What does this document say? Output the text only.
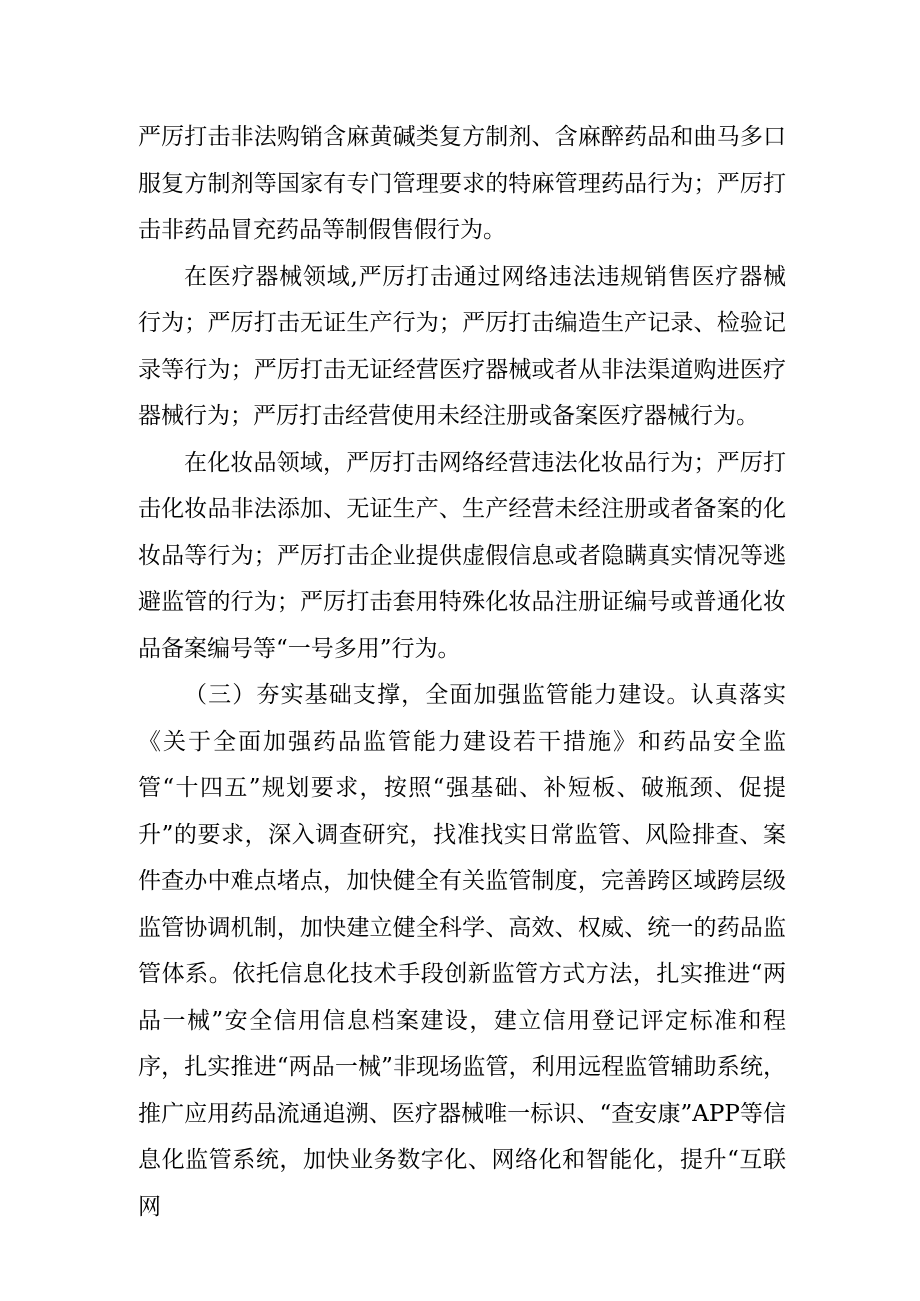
严厉打击非法购销含麻黄碱类复方制剂、含麻醉药品和曲马多口服复方制剂等国家有专门管理要求的特麻管理药品行为；严厉打击非药品冒充药品等制假售假行为。

在医疗器械领域,严厉打击通过网络违法违规销售医疗器械行为；严厉打击无证生产行为；严厉打击编造生产记录、检验记录等行为；严厉打击无证经营医疗器械或者从非法渠道购进医疗器械行为；严厉打击经营使用未经注册或备案医疗器械行为。

在化妆品领域，严厉打击网络经营违法化妆品行为；严厉打击化妆品非法添加、无证生产、生产经营未经注册或者备案的化妆品等行为；严厉打击企业提供虚假信息或者隐瞒真实情况等逃避监管的行为；严厉打击套用特殊化妆品注册证编号或普通化妆品备案编号等“一号多用”行为。

（三）夯实基础支撑，全面加强监管能力建设。认真落实《关于全面加强药品监管能力建设若干措施》和药品安全监管“十四五”规划要求，按照“强基础、补短板、破瓶颈、促提升”的要求，深入调查研究，找准找实日常监管、风险排查、案件查办中难点堵点，加快健全有关监管制度，完善跨区域跨层级监管协调机制，加快建立健全科学、高效、权威、统一的药品监管体系。依托信息化技术手段创新监管方式方法，扎实推进“两品一械”安全信用信息档案建设，建立信用登记评定标准和程序，扎实推进“两品一械”非现场监管，利用远程监管辅助系统，推广应用药品流通追溯、医疗器械唯一标识、“查安康”APP等信息化监管系统，加快业务数字化、网络化和智能化，提升“互联网
